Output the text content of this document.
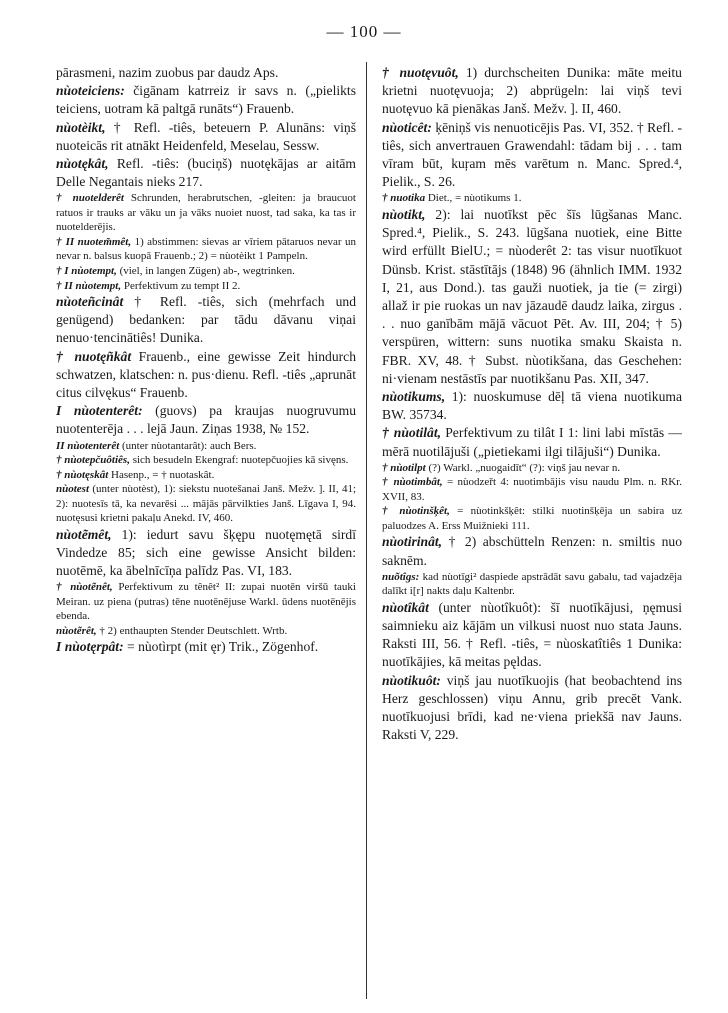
— 100 —

pārasmeni, nazim zuobus par daudz Aps.

nùoteiciens: čigānam katrreiz ir savs n. („pielikts teiciens, uotram kā paltgā runāts“) Frauenb.

nùotèikt, † Refl. -tiês, beteuern P. Alunāns: viņš nuoteicās rit atnākt Heidenfeld, Meselau, Sessw.

nùotękât, Refl. -tiês: (buciņš) nuotękājas ar aitām Delle Negantais nieks 217.

† nuotelderêt Schrunden, herabrutschen, -gleiten: ja braucuot ratuos ir trauks ar vāku un ja vāks nuoiet nuost, tad saka, ka tas ir nuotelderējis.

† II nuotem̃mêt, 1) abstimmen: sievas ar vīriem pātaruos nevar un nevar n. balsus kuopā Frauenb.; 2) = nùotèikt 1 Pampeln.

† I nùotempt, (viel, in langen Zügen) ab-, wegtrinken.

† II nùotempt, Perfektivum zu tempt II 2.

nùoteñcinât † Refl. -tiês, sich (mehrfach und genügend) bedanken: par tādu dāvanu viņai nenuo·tencinātiês! Dunika.

† nuotęñkât Frauenb., eine gewisse Zeit hindurch schwatzen, klatschen: n. pus·dienu. Refl. -tiês „aprunāt citus cilvękus“ Frauenb.

I nùotenterêt: (guovs) pa kraujas nuogruvumu nuotenterēja . . . lejā Jaun. Ziņas 1938, № 152.

II nùotenterêt (unter nùotantarât): auch Bers.

† nùotepčuôtiês, sich besudeln Ekengraf: nuotepčuojies kā sivęns.

† nùotęskât Hasenp., = † nuotaskât.

nùotest (unter nùotèst), 1): siekstu nuotešanai Janš. Mežv. ]. II, 41; 2): nuotesīs tā, ka nevarēsi ... mājās pārvilkties Janš. Līgava I, 94. nuotęsusi krietni pakaļu Anekd. IV, 460.

nùotẽmêt, 1): iedurt savu šķępu nuotęmętā sirdī Vindedze 85; sich eine gewisse Ansicht bilden: nuotēmē, ka ābelnīcīņa palīdz Pas. VI, 183.

† nùotẽnêt, Perfektivum zu tênêt² II: zupai nuotēn viršū tauki Meiran. uz piena (putras) tēne nuotēnējuse Warkl. ūdens nuotēnējis ebenda.

nùotẽrêt, † 2) enthaupten Stender Deutschlett. Wrtb.

I nùotęrpât: = nùotìrpt (mit ęr) Trik., Zögenhof.

† nuotęvuôt, 1) durchscheiten Dunika: māte meitu krietni nuotęvuoja; 2) abprügeln: lai viņš tevi nuotęvuo kā pienākas Janš. Mežv. ]. II, 460.

nùoticêt: ķēniņš vis nenuoticējis Pas. VI, 352. † Refl. -tiês, sich anvertrauen Grawendahl: tādam bij . . . tam vīram būt, kuŗam mēs varētum n. Manc. Spred.⁴, Pielik., S. 26.

† nuotika Diet., = nùotikums 1.

nùotikt, 2): lai nuotīkst pēc šīs lūgšanas Manc. Spred.⁴, Pielik., S. 243. lūgšana nuotiek, eine Bitte wird erfüllt BielU.; = nùoderêt 2: tas visur nuotīkuot Dünsb. Krist. stāstītājs (1848) 96 (ähnlich IMM. 1932 I, 21, aus Dond.). tas gauži nuotiek, ja tie (= zirgi) allaž ir pie ruokas un nav jāzaudē daudz laika, zirgus . . . nuo ganībām mājā vācuot Pēt. Av. III, 204; † 5) verspüren, wittern: suns nuotika smaku Skaista n. FBR. XV, 48. † Subst. nùotikšana, das Geschehen: ni·vienam nestāstīs par nuotikšanu Pas. XII, 347.

nùotikums, 1): nuoskumuse dēļ tā viena nuotikuma BW. 35734.

† nùotilât, Perfektivum zu tilât I 1: lini labi mīstās — mērā nuotilājuši („pietiekami ilgi tilājuši“) Dunika.

† nùotilpt (?) Warkl. „nuogaidīt“ (?): viņš jau nevar n.

† nùotimbât, = nùodzeřt 4: nuotimbājis visu naudu Plm. n. RKr. XVII, 83.

† nùotinšķêt, = nùotinkšķêt: stilki nuotinšķēja un sabira uz paluodzes A. Erss Muižnieki 111.

nùotirinât, † 2) abschütteln Renzen: n. smiltis nuo saknēm.

nuõtîgs: kad nùotīgi² daspiede apstrādāt savu gabalu, tad vajadzēja dalīkt i[r] nakts daļu Kaltenbr.

nùotîkât (unter nùotîkuôt): šī nuotīkājusi, ņęmusi saimnieku aiz kājām un vilkusi nuost nuo stata Jauns. Raksti III, 56. † Refl. -tiês, = nùoskatîtiês 1 Dunika: nuotīkājies, kā meitas pęldas.

nùotikuôt: viņš jau nuotīkuojis (hat beobachtend ins Herz geschlossen) viņu Annu, grib precēt Vank. nuotīkuojusi brīdi, kad ne·viena priekšā nav Jauns. Raksti V, 229.
